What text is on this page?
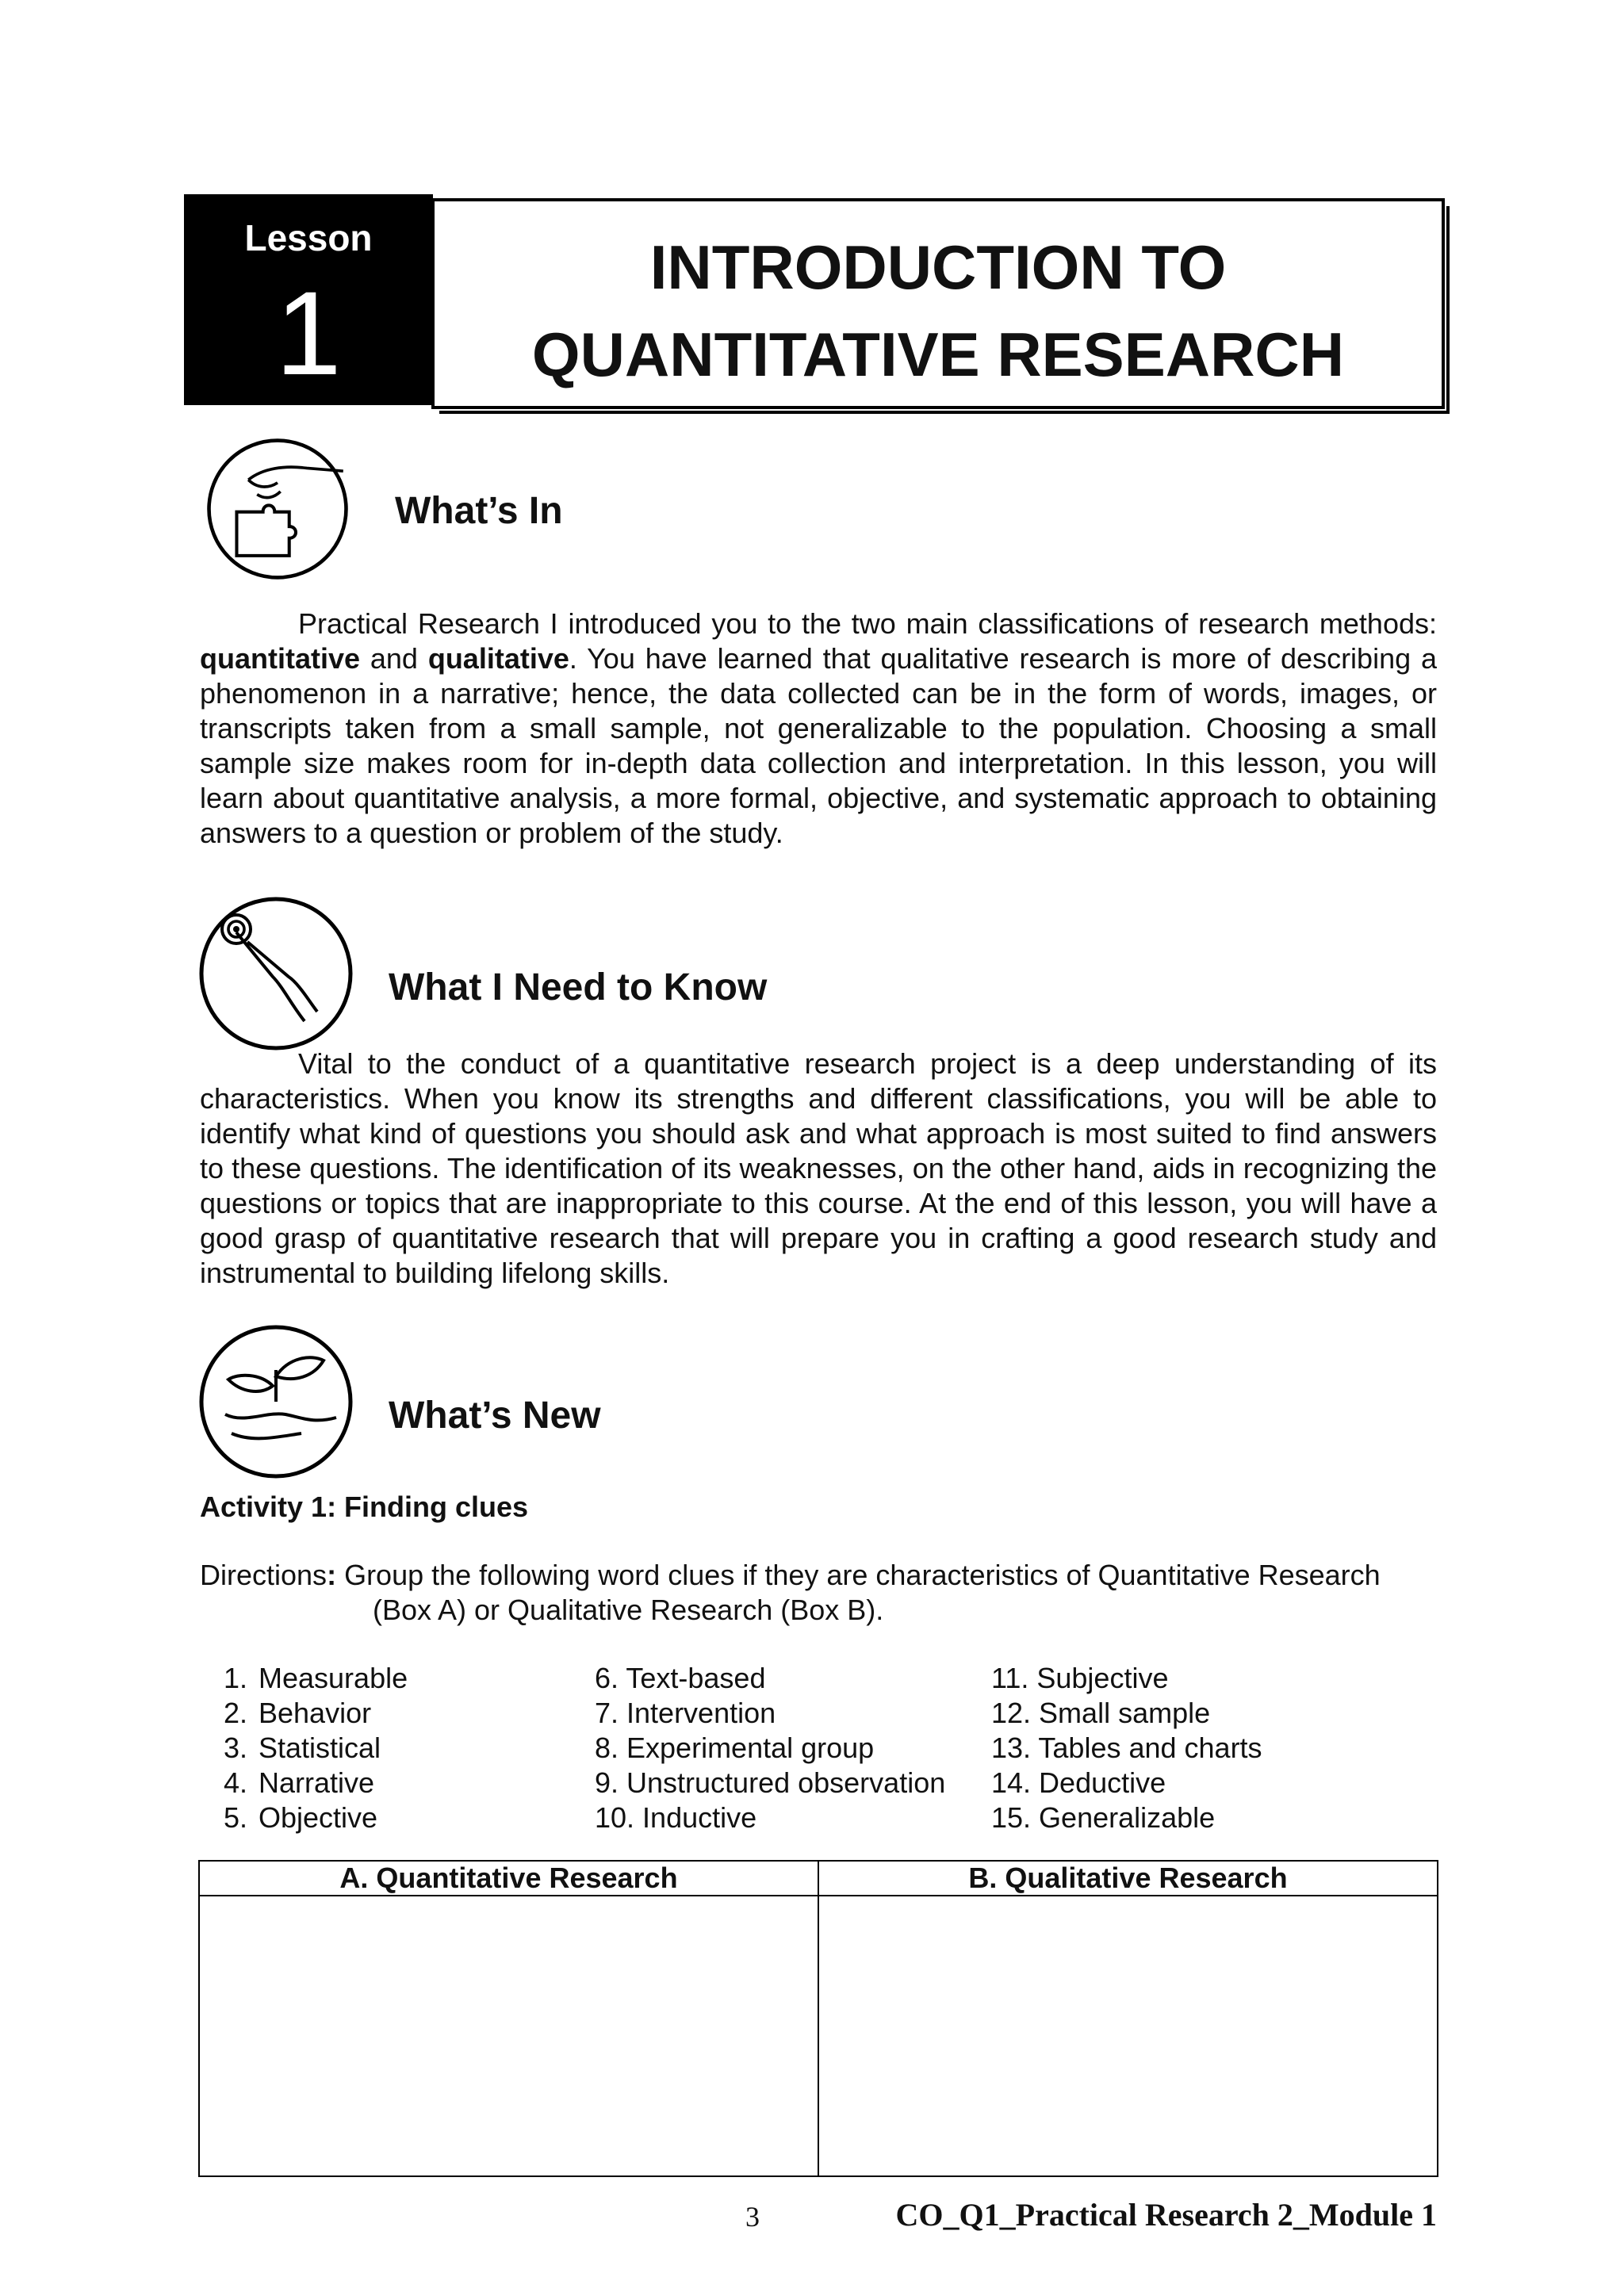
Lesson
1	INTRODUCTION TO
QUANTITATIVE RESEARCH
What’s In

Practical Research I introduced you to the two main classifications of research methods: quantitative and qualitative. You have learned that qualitative research is more of describing a phenomenon in a narrative; hence, the data collected can be in the form of words, images, or transcripts taken from a small sample, not generalizable to the population. Choosing a small sample size makes room for in-depth data collection and interpretation. In this lesson, you will learn about quantitative analysis, a more formal, objective, and systematic approach to obtaining answers to a question or problem of the study.

What I Need to Know

Vital to the conduct of a quantitative research project is a deep understanding of its characteristics. When you know its strengths and different classifications, you will be able to identify what kind of questions you should ask and what approach is most suited to find answers to these questions. The identification of its weaknesses, on the other hand, aids in recognizing the questions or topics that are inappropriate to this course. At the end of this lesson, you will have a good grasp of quantitative research that will prepare you in crafting a good research study and instrumental to building lifelong skills.

What’s New
Activity 1: Finding clues
Directions: Group the following word clues if they are characteristics of Quantitative Research
(Box A) or Qualitative Research (Box B).
1. Measurable
2. Behavior
3. Statistical
4. Narrative
5. Objective
6. Text-based
7. Intervention
8. Experimental group
9. Unstructured observation
10. Inductive
11. Subjective
12. Small sample
13. Tables and charts
14. Deductive
15. Generalizable
A. Quantitative Research	B. Qualitative Research

3	CO_Q1_Practical Research 2_Module 1
